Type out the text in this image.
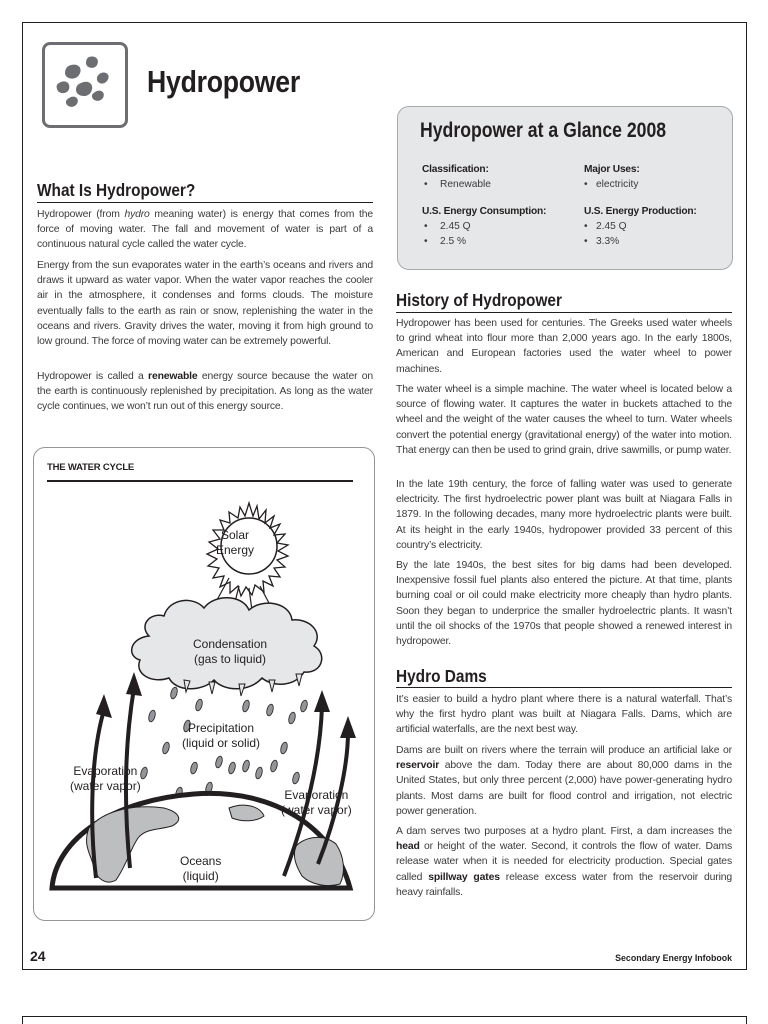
Hydropower
What Is Hydropower?
Hydropower (from hydro meaning water) is energy that comes from the force of moving water. The fall and movement of water is part of a continuous natural cycle called the water cycle.
Energy from the sun evaporates water in the earth’s oceans and rivers and draws it upward as water vapor. When the water vapor reaches the cooler air in the atmosphere, it condenses and forms clouds. The moisture eventually falls to the earth as rain or snow, replenishing the water in the oceans and rivers. Gravity drives the water, moving it from high ground to low ground. The force of moving water can be extremely powerful.
Hydropower is called a renewable energy source because the water on the earth is continuously replenished by precipitation. As long as the water cycle continues, we won’t run out of this energy source.
Hydropower at a Glance 2008
Classification:
• Renewable
Major Uses:
• electricity
U.S. Energy Consumption:
• 2.45 Q
• 2.5 %
U.S. Energy Production:
• 2.45 Q
• 3.3%
History of Hydropower
Hydropower has been used for centuries. The Greeks used water wheels to grind wheat into flour more than 2,000 years ago. In the early 1800s, American and European factories used the water wheel to power machines.
The water wheel is a simple machine. The water wheel is located below a source of flowing water. It captures the water in buckets attached to the wheel and the weight of the water causes the wheel to turn. Water wheels convert the potential energy (gravitational energy) of the water into motion. That energy can then be used to grind grain, drive sawmills, or pump water.
In the late 19th century, the force of falling water was used to generate electricity. The first hydroelectric power plant was built at Niagara Falls in 1879. In the following decades, many more hydroelectric plants were built. At its height in the early 1940s, hydropower provided 33 percent of this country’s electricity.
By the late 1940s, the best sites for big dams had been developed. Inexpensive fossil fuel plants also entered the picture. At that time, plants burning coal or oil could make electricity more cheaply than hydro plants. Soon they began to underprice the smaller hydroelectric plants. It wasn’t until the oil shocks of the 1970s that people showed a renewed interest in hydropower.
Hydro Dams
It’s easier to build a hydro plant where there is a natural waterfall. That’s why the first hydro plant was built at Niagara Falls. Dams, which are artificial waterfalls, are the next best way.
Dams are built on rivers where the terrain will produce an artificial lake or reservoir above the dam. Today there are about 80,000 dams in the United States, but only three percent (2,000) have power-generating hydro plants. Most dams are built for flood control and irrigation, not electric power generation.
A dam serves two purposes at a hydro plant. First, a dam increases the head or height of the water. Second, it controls the flow of water. Dams release water when it is needed for electricity production. Special gates called spillway gates release excess water from the reservoir during heavy rainfalls.
THE WATER CYCLE
Solar
Energy
Condensation
(gas to liquid)
Precipitation
(liquid or solid)
Evaporation
(water vapor)
Evaporation
(water vapor)
Oceans
(liquid)
24	Secondary Energy Infobook
